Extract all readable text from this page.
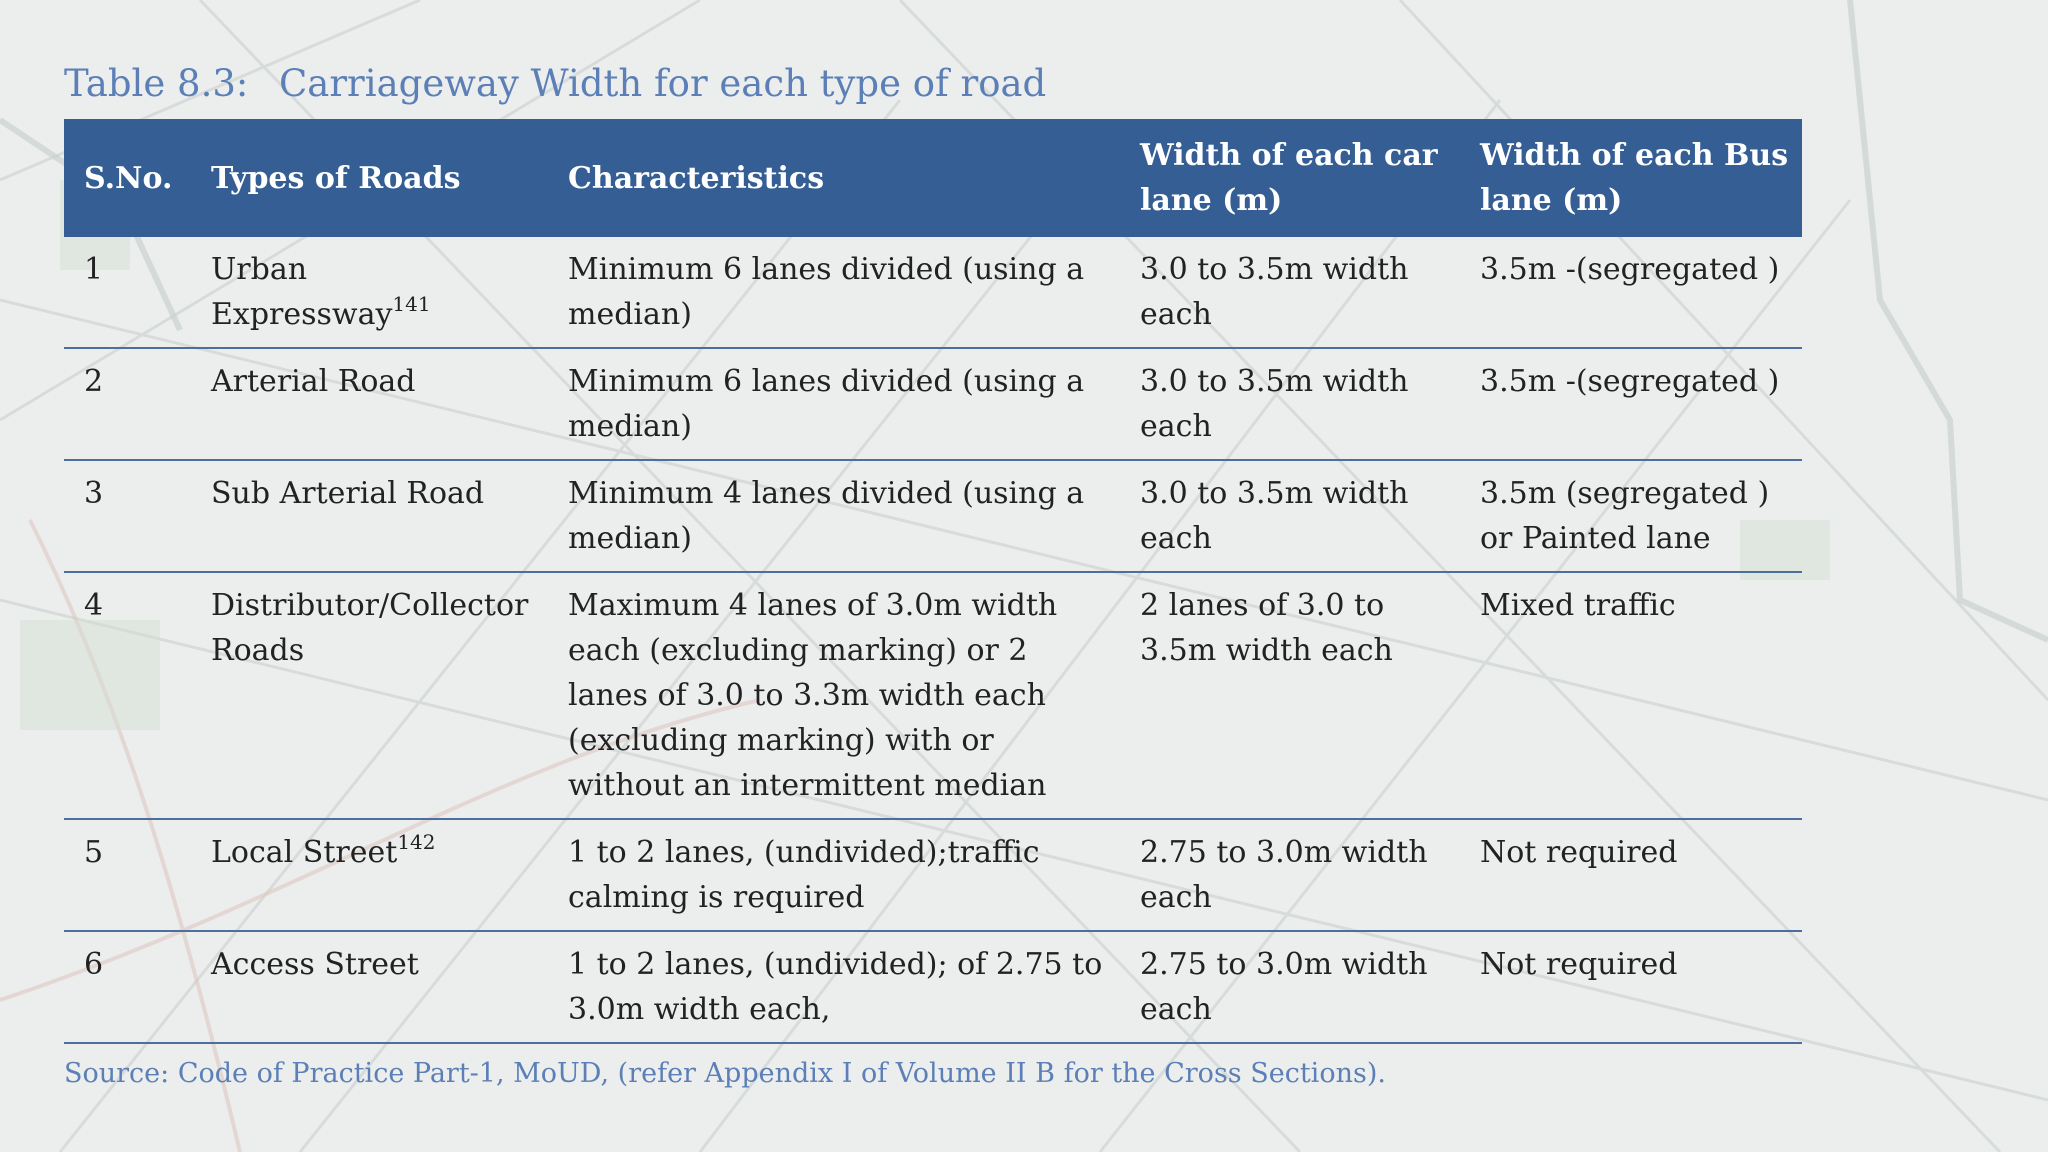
Table 8.3: Carriageway Width for each type of road
S.No.	Types of Roads	Characteristics	Width of each car lane (m)	Width of each Bus lane (m)
1	Urban Expressway$^{141}$	Minimum 6 lanes divided (using a median)	3.0 to 3.5m width each	3.5m -(segregated )
2	Arterial Road	Minimum 6 lanes divided (using a median)	3.0 to 3.5m width each	3.5m -(segregated )
3	Sub Arterial Road	Minimum 4 lanes divided (using a median)	3.0 to 3.5m width each	3.5m (segregated ) or Painted lane
4	Distributor/Collector Roads	Maximum 4 lanes of 3.0m width each (excluding marking) or 2 lanes of 3.0 to 3.3m width each (excluding marking) with or without an intermittent median	2 lanes of 3.0 to 3.5m width each	Mixed traffic
5	Local Street$^{142}$	1 to 2 lanes, (undivided);traffic calming is required	2.75 to 3.0m width each	Not required
6	Access Street	1 to 2 lanes, (undivided); of 2.75 to 3.0m width each,	2.75 to 3.0m width each	Not required
Source: Code of Practice Part-1, MoUD, (refer Appendix I of Volume II B for the Cross Sections).
